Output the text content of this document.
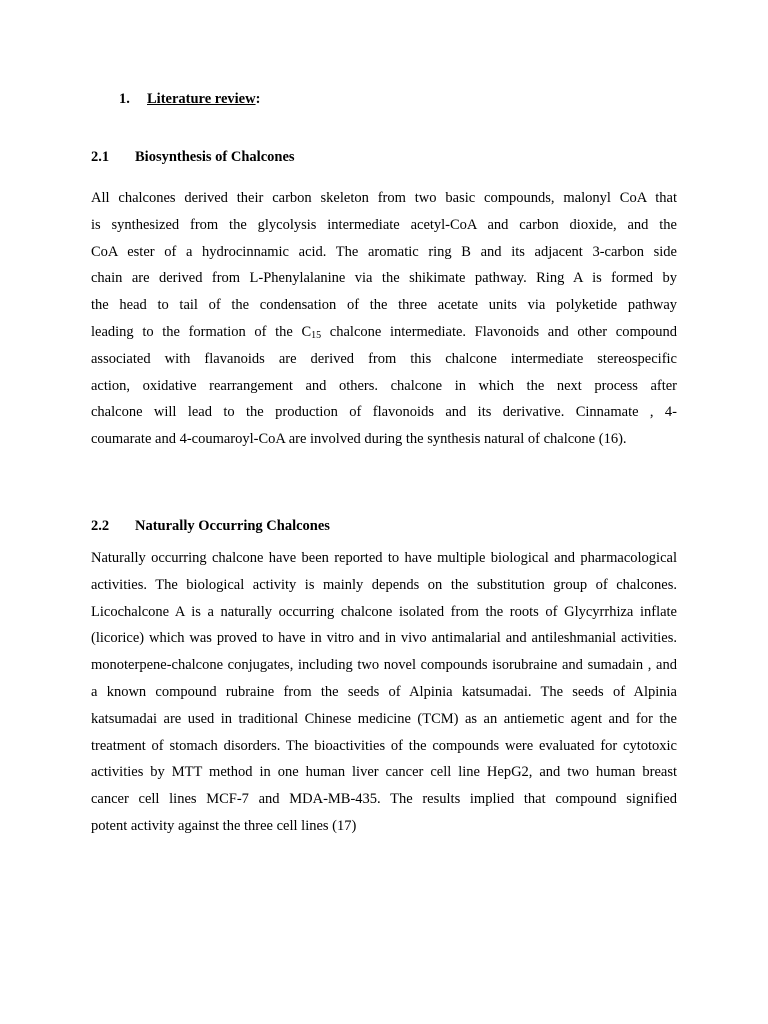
1. Literature review:
2.1 Biosynthesis of Chalcones
All chalcones derived their carbon skeleton from two basic compounds, malonyl CoA that
is synthesized from the glycolysis intermediate acetyl-CoA and carbon dioxide, and the
CoA ester of a hydrocinnamic acid. The aromatic ring B and its adjacent 3-carbon side
chain are derived from L-Phenylalanine via the shikimate pathway. Ring A is formed by
the head to tail of the condensation of the three acetate units via polyketide pathway
leading to the formation of the $C_{15}$ chalcone intermediate. Flavonoids and other compound
associated with flavanoids are derived from this chalcone intermediate stereospecific
action, oxidative rearrangement and others. chalcone in which the next process after
chalcone will lead to the production of flavonoids and its derivative. Cinnamate , 4-
coumarate and 4-coumaroyl-CoA are involved during the synthesis natural of chalcone (16).
2.2 Naturally Occurring Chalcones
Naturally occurring chalcone have been reported to have multiple biological and pharmacological
activities. The biological activity is mainly depends on the substitution group of chalcones.
Licochalcone A is a naturally occurring chalcone isolated from the roots of Glycyrrhiza inflate
(licorice) which was proved to have in vitro and in vivo antimalarial and antileshmanial activities.
monoterpene-chalcone conjugates, including two novel compounds isorubraine and sumadain , and
a known compound rubraine from the seeds of Alpinia katsumadai. The seeds of Alpinia
katsumadai are used in traditional Chinese medicine (TCM) as an antiemetic agent and for the
treatment of stomach disorders. The bioactivities of the compounds were evaluated for cytotoxic
activities by MTT method in one human liver cancer cell line HepG2, and two human breast
cancer cell lines MCF-7 and MDA-MB-435. The results implied that compound signified
potent activity against the three cell lines (17)
